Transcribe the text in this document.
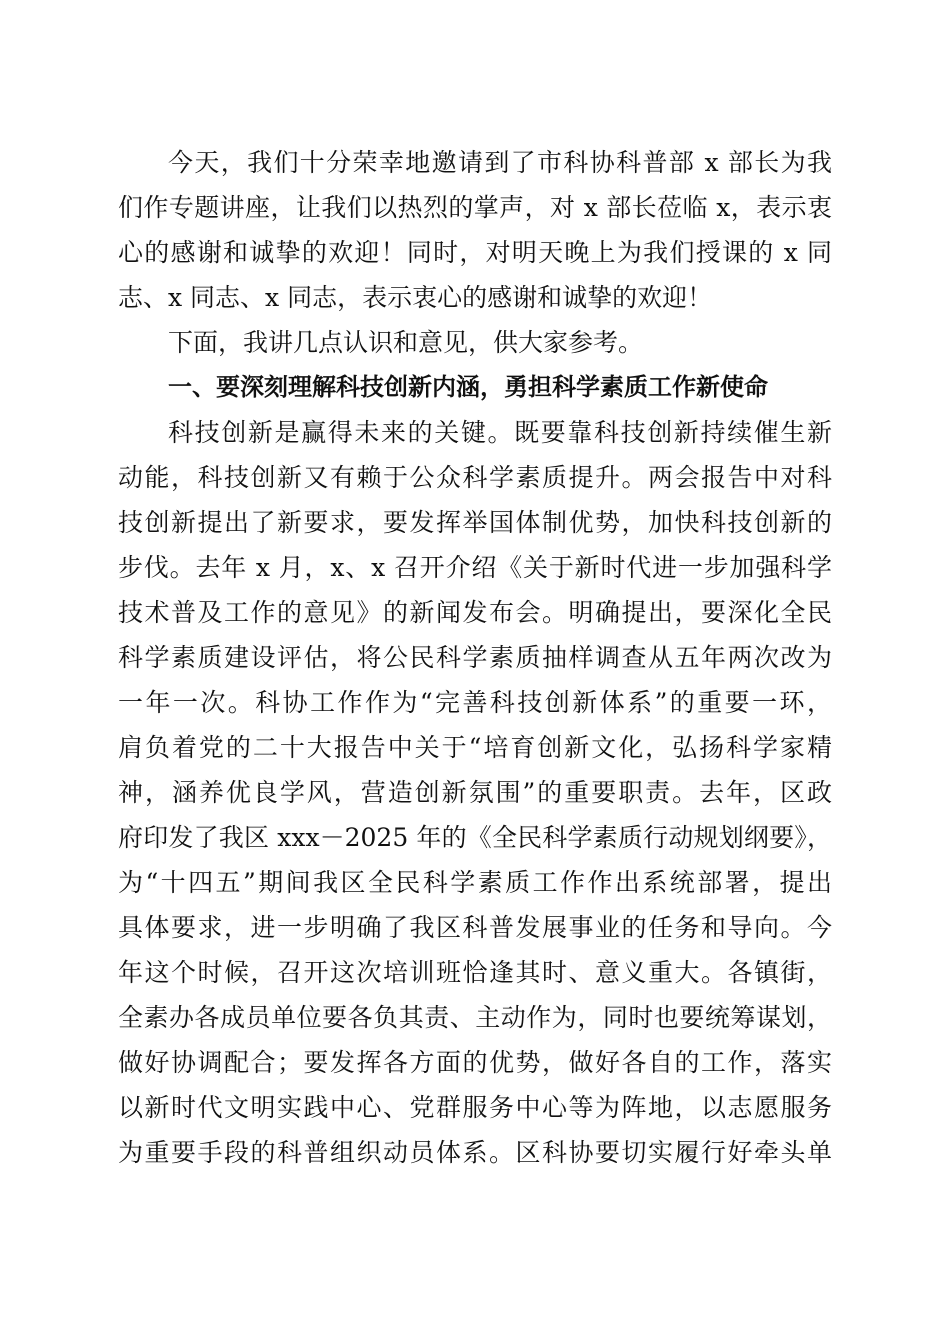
今天，我们十分荣幸地邀请到了市科协科普部 x 部长为我
们作专题讲座，让我们以热烈的掌声，对 x 部长莅临 x，表示衷
心的感谢和诚挚的欢迎！同时，对明天晚上为我们授课的 x 同
志、x 同志、x 同志，表示衷心的感谢和诚挚的欢迎！
下面，我讲几点认识和意见，供大家参考。
一、要深刻理解科技创新内涵，勇担科学素质工作新使命
科技创新是赢得未来的关键。既要靠科技创新持续催生新
动能，科技创新又有赖于公众科学素质提升。两会报告中对科
技创新提出了新要求，要发挥举国体制优势，加快科技创新的
步伐。去年 x 月，x、x 召开介绍《关于新时代进一步加强科学
技术普及工作的意见》的新闻发布会。明确提出，要深化全民
科学素质建设评估，将公民科学素质抽样调查从五年两次改为
一年一次。科协工作作为“完善科技创新体系”的重要一环，
肩负着党的二十大报告中关于“培育创新文化，弘扬科学家精
神，涵养优良学风，营造创新氛围”的重要职责。去年，区政
府印发了我区 xxx－2025 年的《全民科学素质行动规划纲要》，
为“十四五”期间我区全民科学素质工作作出系统部署，提出
具体要求，进一步明确了我区科普发展事业的任务和导向。今
年这个时候，召开这次培训班恰逢其时、意义重大。各镇街，
全素办各成员单位要各负其责、主动作为，同时也要统筹谋划，
做好协调配合；要发挥各方面的优势，做好各自的工作，落实
以新时代文明实践中心、党群服务中心等为阵地，以志愿服务
为重要手段的科普组织动员体系。区科协要切实履行好牵头单
